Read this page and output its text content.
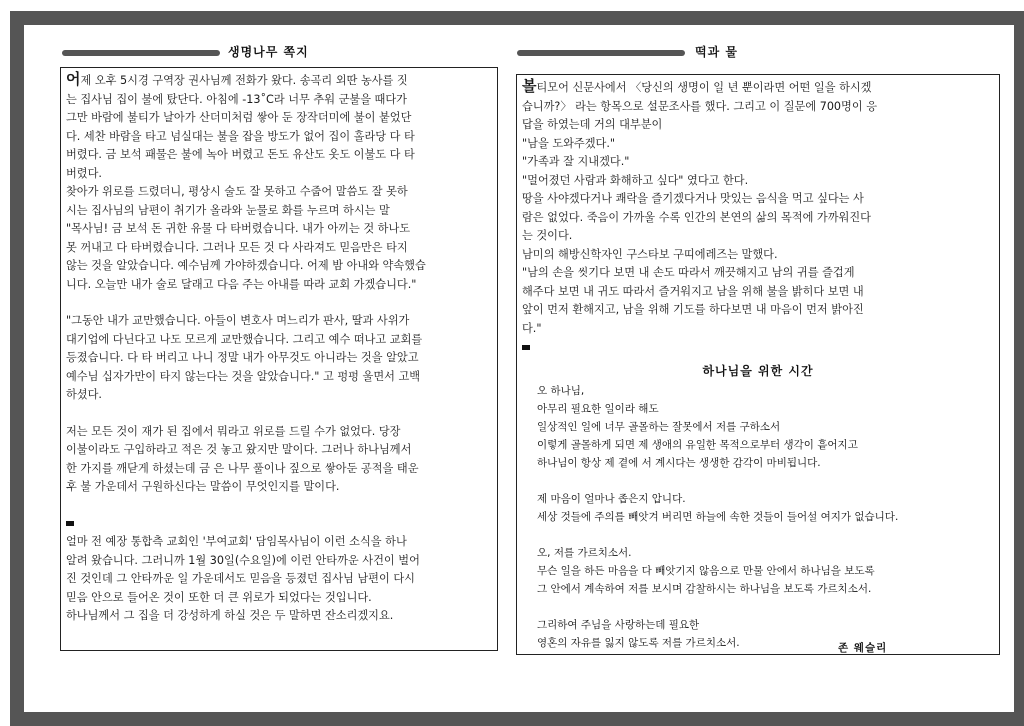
생명나무 쪽지	떡과 물

어제 오후 5시경 구역장 권사님께 전화가 왔다. 송곡리 외딴 농사를 짓

는 집사님 집이 불에 탔단다. 아침에 -13˚C라 너무 추워 군불을 때다가

그만 바람에 불티가 날아가 산더미처럼 쌓아 둔 장작더미에 불이 붙었단

다. 세찬 바람을 타고 넘실대는 불을 잡을 방도가 없어 집이 홀라당 다 타

버렸다. 금 보석 패물은 불에 녹아 버렸고 돈도 유산도 옷도 이불도 다 타

버렸다.

찾아가 위로를 드렸더니, 평상시 술도 잘 못하고 수줍어 말씀도 잘 못하

시는 집사님의 남편이 취기가 올라와 눈물로 화를 누르며 하시는 말

"목사님! 금 보석 돈 귀한 유물 다 타버렸습니다. 내가 아끼는 것 하나도

못 꺼내고 다 타버렸습니다. 그러나 모든 것 다 사라져도 믿음만은 타지

않는 것을 알았습니다. 예수님께 가야하겠습니다. 어제 밤 아내와 약속했습

니다. 오늘만 내가 술로 달래고 다음 주는 아내를 따라 교회 가겠습니다."

"그동안 내가 교만했습니다. 아들이 변호사 며느리가 판사, 딸과 사위가

대기업에 다닌다고 나도 모르게 교만했습니다. 그리고 예수 떠나고 교회를

등졌습니다. 다 타 버리고 나니 정말 내가 아무것도 아니라는 것을 알았고

예수님 십자가만이 타지 않는다는 것을 알았습니다." 고 펑펑 울면서 고백

하셨다.

저는 모든 것이 재가 된 집에서 뭐라고 위로를 드릴 수가 없었다. 당장

이불이라도 구입하라고 적은 것 놓고 왔지만 말이다. 그러나 하나님께서

한 가지를 깨닫게 하셨는데 금 은 나무 풀이나 짚으로 쌓아둔 공적을 태운

후 불 가운데서 구원하신다는 말씀이 무엇인지를 말이다.

얼마 전 예장 통합측 교회인 '부여교회' 담임목사님이 이런 소식을 하나

알려 왔습니다. 그러니까 1월 30일(수요일)에 이런 안타까운 사건이 벌어

진 것인데 그 안타까운 일 가운데서도 믿음을 등졌던 집사님 남편이 다시

믿음 안으로 들어온 것이 또한 더 큰 위로가 되었다는 것입니다.

하나님께서 그 집을 더 강성하게 하실 것은 두 말하면 잔소리겠지요.

볼티모어 신문사에서 〈당신의 생명이 일 년 뿐이라면 어떤 일을 하시겠

습니까?〉 라는 항목으로 설문조사를 했다. 그리고 이 질문에 700명이 응

답을 하였는데 거의 대부분이

"남을 도와주겠다."

"가족과 잘 지내겠다."

"멀어졌던 사람과 화해하고 싶다" 였다고 한다.

땅을 사야겠다거나 쾌락을 즐기겠다거나 맛있는 음식을 먹고 싶다는 사

람은 없었다. 죽음이 가까울 수록 인간의 본연의 삶의 목적에 가까워진다

는 것이다.

남미의 해방신학자인 구스타보 구띠에레즈는 말했다.

"남의 손을 씻기다 보면 내 손도 따라서 깨끗해지고 남의 귀를 즐겁게

해주다 보면 내 귀도 따라서 즐거워지고 남을 위해 불을 밝히다 보면 내

앞이 먼저 환해지고, 남을 위해 기도를 하다보면 내 마음이 먼저 밝아진

다."

하나님을 위한 시간

오 하나님,

아무리 필요한 일이라 해도

일상적인 일에 너무 골몰하는 잘못에서 저를 구하소서

이렇게 골몰하게 되면 제 생애의 유일한 목적으로부터 생각이 흩어지고

하나님이 항상 제 곁에 서 계시다는 생생한 감각이 마비됩니다.

제 마음이 얼마나 좁은지 압니다.

세상 것들에 주의를 빼앗겨 버리면 하늘에 속한 것들이 들어설 여지가 없습니다.

오, 저를 가르치소서.

무슨 일을 하든 마음을 다 빼앗기지 않음으로 만물 안에서 하나님을 보도록

그 안에서 계속하여 저를 보시며 감찰하시는 하나님을 보도록 가르치소서.

그리하여 주님을 사랑하는데 필요한

영혼의 자유를 잃지 않도록 저를 가르치소서.	존 웨슬리
